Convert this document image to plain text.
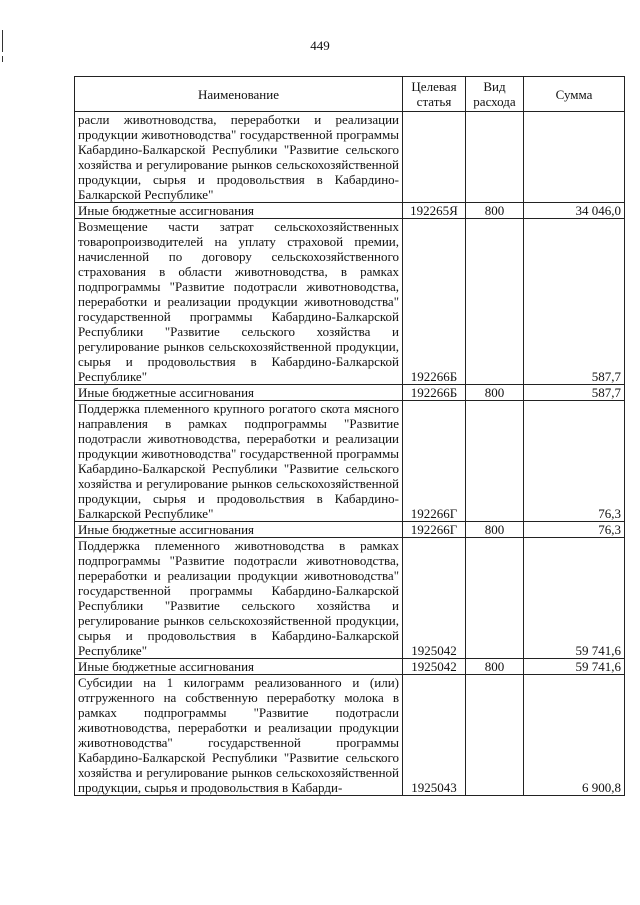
449
Наименование	Целевая статья	Вид расхода	Сумма
расли животноводства, переработки и реализации продукции животноводства" государственной программы Кабардино-Балкарской Республики "Развитие сельского хозяйства и регулирование рынков сельскохозяйственной продукции, сырья и продовольствия в Кабардино-Балкарской Республике"			
Иные бюджетные ассигнования	192265Я	800	34 046,0
Возмещение части затрат сельскохозяйственных товаропроизводителей на уплату страховой премии, начисленной по договору сельскохозяйственного страхования в области животноводства, в рамках подпрограммы "Развитие подотрасли животноводства, переработки и реализации продукции животноводства" государственной программы Кабардино-Балкарской Республики "Развитие сельского хозяйства и регулирование рынков сельскохозяйственной продукции, сырья и продовольствия в Кабардино-Балкарской Республике"	192266Б		587,7
Иные бюджетные ассигнования	192266Б	800	587,7
Поддержка племенного крупного рогатого скота мясного направления в рамках подпрограммы "Развитие подотрасли животноводства, переработки и реализации продукции животноводства" государственной программы Кабардино-Балкарской Республики "Развитие сельского хозяйства и регулирование рынков сельскохозяйственной продукции, сырья и продовольствия в Кабардино-Балкарской Республике"	192266Г		76,3
Иные бюджетные ассигнования	192266Г	800	76,3
Поддержка племенного животноводства в рамках подпрограммы "Развитие подотрасли животноводства, переработки и реализации продукции животноводства" государственной программы Кабардино-Балкарской Республики "Развитие сельского хозяйства и регулирование рынков сельскохозяйственной продукции, сырья и продовольствия в Кабардино-Балкарской Республике"	1925042		59 741,6
Иные бюджетные ассигнования	1925042	800	59 741,6
Субсидии на 1 килограмм реализованного и (или) отгруженного на собственную переработку молока в рамках подпрограммы "Развитие подотрасли животноводства, переработки и реализации продукции животноводства" государственной программы Кабардино-Балкарской Республики "Развитие сельского хозяйства и регулирование рынков сельскохозяйственной продукции, сырья и продовольствия в Кабарди-	1925043		6 900,8
